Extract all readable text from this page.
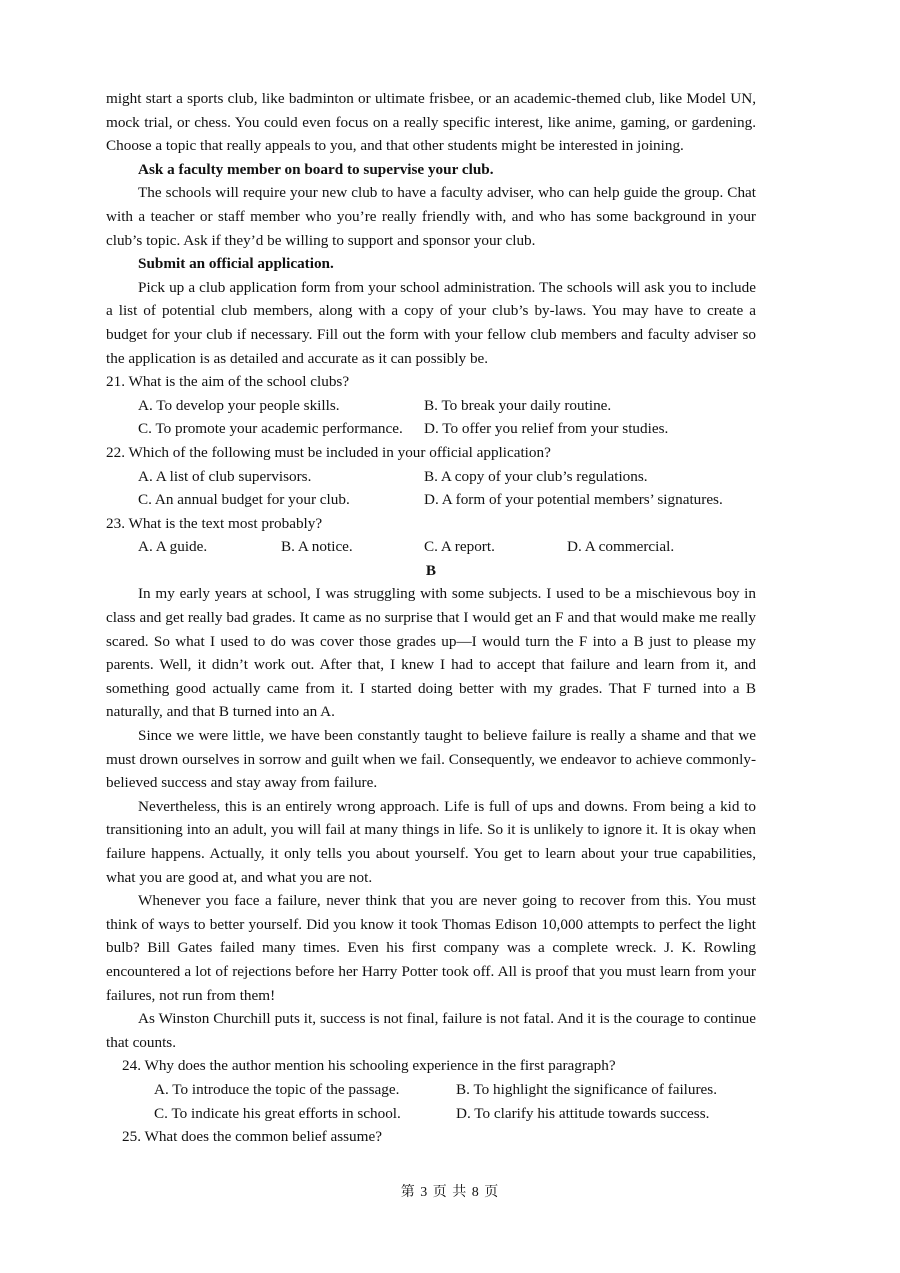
might start a sports club, like badminton or ultimate frisbee, or an academic-themed club, like Model UN, mock trial, or chess. You could even focus on a really specific interest, like anime, gaming, or gardening. Choose a topic that really appeals to you, and that other students might be interested in joining.

Ask a faculty member on board to supervise your club.

The schools will require your new club to have a faculty adviser, who can help guide the group. Chat with a teacher or staff member who you’re really friendly with, and who has some background in your club’s topic. Ask if they’d be willing to support and sponsor your club.

Submit an official application.

Pick up a club application form from your school administration. The schools will ask you to include a list of potential club members, along with a copy of your club’s by-laws. You may have to create a budget for your club if necessary. Fill out the form with your fellow club members and faculty adviser so the application is as detailed and accurate as it can possibly be.

21. What is the aim of the school clubs?

A. To develop your people skills.	B. To break your daily routine.
C. To promote your academic performance.	D. To offer you relief from your studies.

22. Which of the following must be included in your official application?

A. A list of club supervisors.	B. A copy of your club’s regulations.
C. An annual budget for your club.	D. A form of your potential members’ signatures.

23. What is the text most probably?

A. A guide.	B. A notice.	C. A report.	D. A commercial.

B

In my early years at school, I was struggling with some subjects. I used to be a mischievous boy in class and get really bad grades. It came as no surprise that I would get an F and that would make me really scared. So what I used to do was cover those grades up—I would turn the F into a B just to please my parents. Well, it didn’t work out. After that, I knew I had to accept that failure and learn from it, and something good actually came from it. I started doing better with my grades. That F turned into a B naturally, and that B turned into an A.

Since we were little, we have been constantly taught to believe failure is really a shame and that we must drown ourselves in sorrow and guilt when we fail. Consequently, we endeavor to achieve commonly- believed success and stay away from failure.

Nevertheless, this is an entirely wrong approach. Life is full of ups and downs. From being a kid to transitioning into an adult, you will fail at many things in life. So it is unlikely to ignore it. It is okay when failure happens. Actually, it only tells you about yourself. You get to learn about your true capabilities, what you are good at, and what you are not.

Whenever you face a failure, never think that you are never going to recover from this. You must think of ways to better yourself. Did you know it took Thomas Edison 10,000 attempts to perfect the light bulb? Bill Gates failed many times. Even his first company was a complete wreck. J. K. Rowling encountered a lot of rejections before her Harry Potter took off. All is proof that you must learn from your failures, not run from them!

As Winston Churchill puts it, success is not final, failure is not fatal. And it is the courage to continue that counts.

24. Why does the author mention his schooling experience in the first paragraph?

A. To introduce the topic of the passage.	B. To highlight the significance of failures.
C. To indicate his great efforts in school.	D. To clarify his attitude towards success.

25. What does the common belief assume?

第 3 页 共 8 页
